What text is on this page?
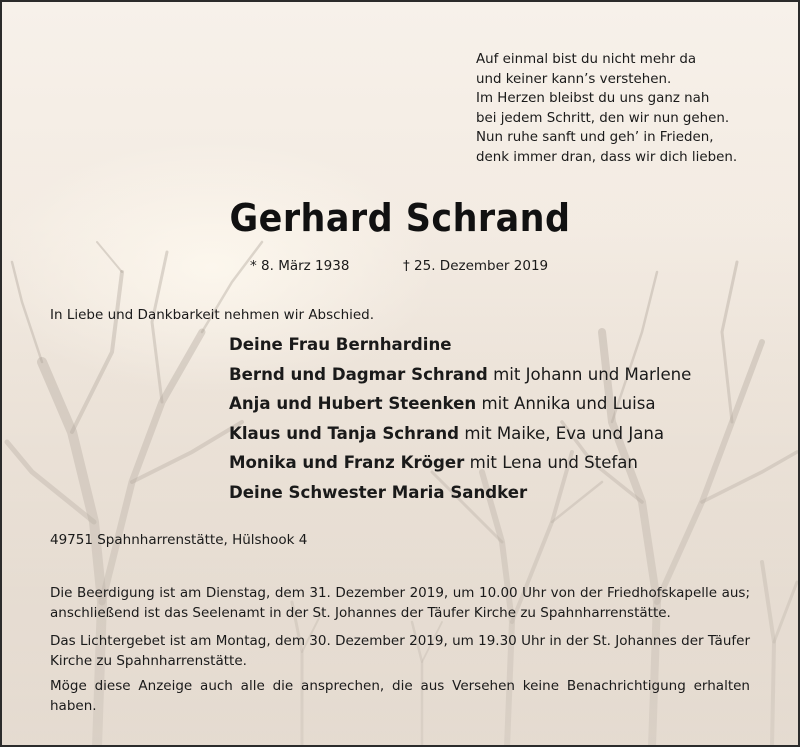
Auf einmal bist du nicht mehr da
und keiner kann’s verstehen.
Im Herzen bleibst du uns ganz nah
bei jedem Schritt, den wir nun gehen.
Nun ruhe sanft und geh’ in Frieden,
denk immer dran, dass wir dich lieben.
Gerhard Schrand
* 8. März 1938	† 25. Dezember 2019
In Liebe und Dankbarkeit nehmen wir Abschied.
Deine Frau Bernhardine
Bernd und Dagmar Schrand mit Johann und Marlene
Anja und Hubert Steenken mit Annika und Luisa
Klaus und Tanja Schrand mit Maike, Eva und Jana
Monika und Franz Kröger mit Lena und Stefan
Deine Schwester Maria Sandker
49751 Spahnharrenstätte, Hülshook 4

Die Beerdigung ist am Dienstag, dem 31. Dezember 2019, um 10.00 Uhr von der Friedhofskapelle aus; anschließend ist das Seelenamt in der St. Johannes der Täufer Kirche zu Spahnharrenstätte.

Das Lichtergebet ist am Montag, dem 30. Dezember 2019, um 19.30 Uhr in der St. Johannes der Täufer Kirche zu Spahnharrenstätte.

Möge diese Anzeige auch alle die ansprechen, die aus Versehen keine Benachrichtigung erhalten haben.
